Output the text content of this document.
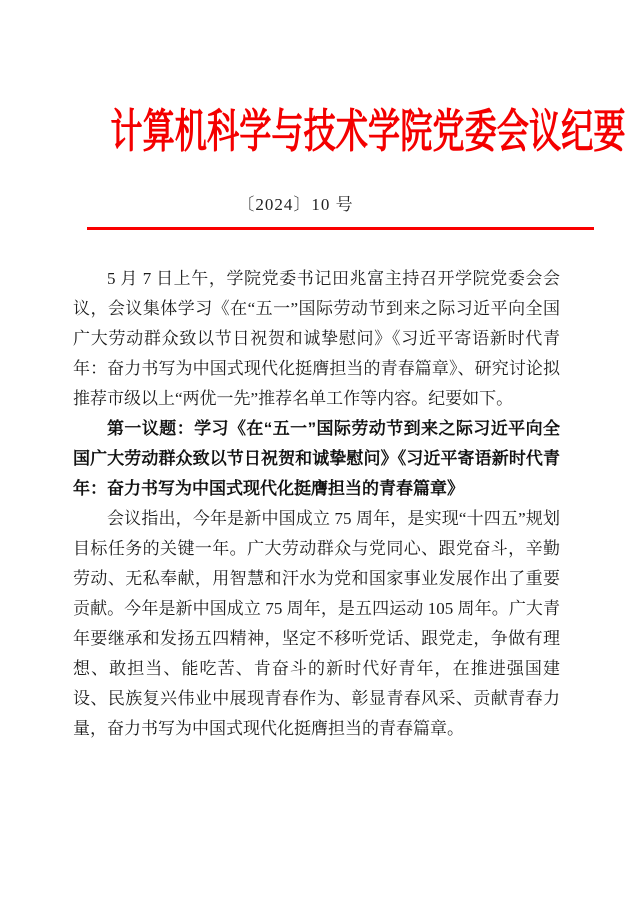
计算机科学与技术学院党委会议纪要
〔2024〕10 号

5 月 7 日上午，学院党委书记田兆富主持召开学院党委会会议，会议集体学习《在“五一”国际劳动节到来之际习近平向全国广大劳动群众致以节日祝贺和诚挚慰问》《习近平寄语新时代青年：奋力书写为中国式现代化挺膺担当的青春篇章》、研究讨论拟推荐市级以上“两优一先”推荐名单工作等内容。纪要如下。

第一议题：学习《在“五一”国际劳动节到来之际习近平向全国广大劳动群众致以节日祝贺和诚挚慰问》《习近平寄语新时代青年：奋力书写为中国式现代化挺膺担当的青春篇章》

会议指出，今年是新中国成立 75 周年，是实现“十四五”规划目标任务的关键一年。广大劳动群众与党同心、跟党奋斗，辛勤劳动、无私奉献，用智慧和汗水为党和国家事业发展作出了重要贡献。今年是新中国成立 75 周年，是五四运动 105 周年。广大青年要继承和发扬五四精神，坚定不移听党话、跟党走，争做有理想、敢担当、能吃苦、肯奋斗的新时代好青年，在推进强国建设、民族复兴伟业中展现青春作为、彰显青春风采、贡献青春力量，奋力书写为中国式现代化挺膺担当的青春篇章。
